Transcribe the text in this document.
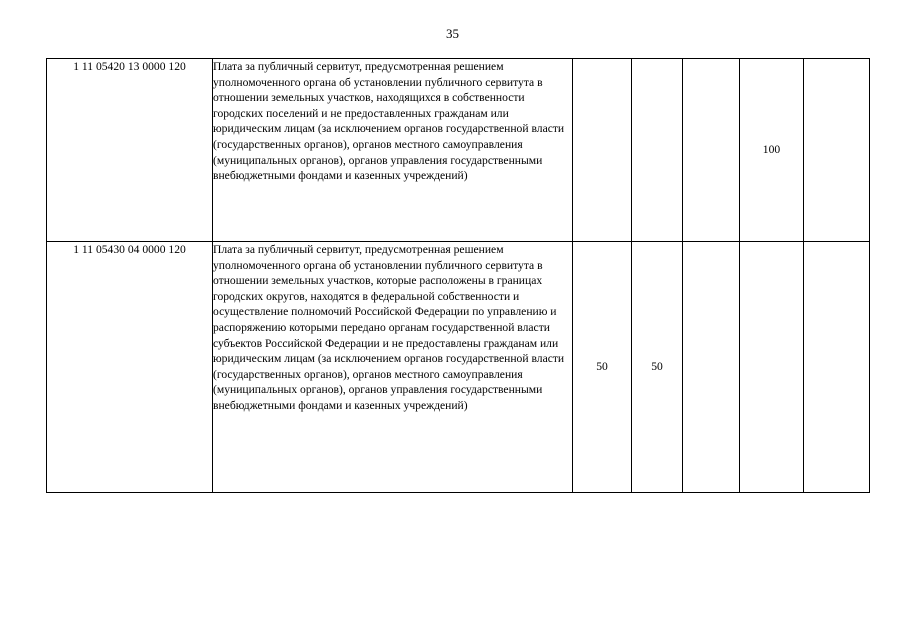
35
1 11 05420 13 0000 120	Плата за публичный сервитут, предусмотренная решением уполномоченного органа об установлении публичного сервитута в отношении земельных участков, находящихся в собственности городских поселений и не предоставленных гражданам или юридическим лицам (за исключением органов государственной власти (государственных органов), органов местного самоуправления (муниципальных органов), органов управления государственными внебюджетными фондами и казенных учреждений)				100	
1 11 05430 04 0000 120	Плата за публичный сервитут, предусмотренная решением уполномоченного органа об установлении публичного сервитута в отношении земельных участков, которые расположены в границах городских округов, находятся в федеральной собственности и осуществление полномочий Российской Федерации по управлению и распоряжению которыми передано органам государственной власти субъектов Российской Федерации и не предоставлены гражданам или юридическим лицам (за исключением органов государственной власти (государственных органов), органов местного самоуправления (муниципальных органов), органов управления государственными внебюджетными фондами и казенных учреждений)	50	50			
